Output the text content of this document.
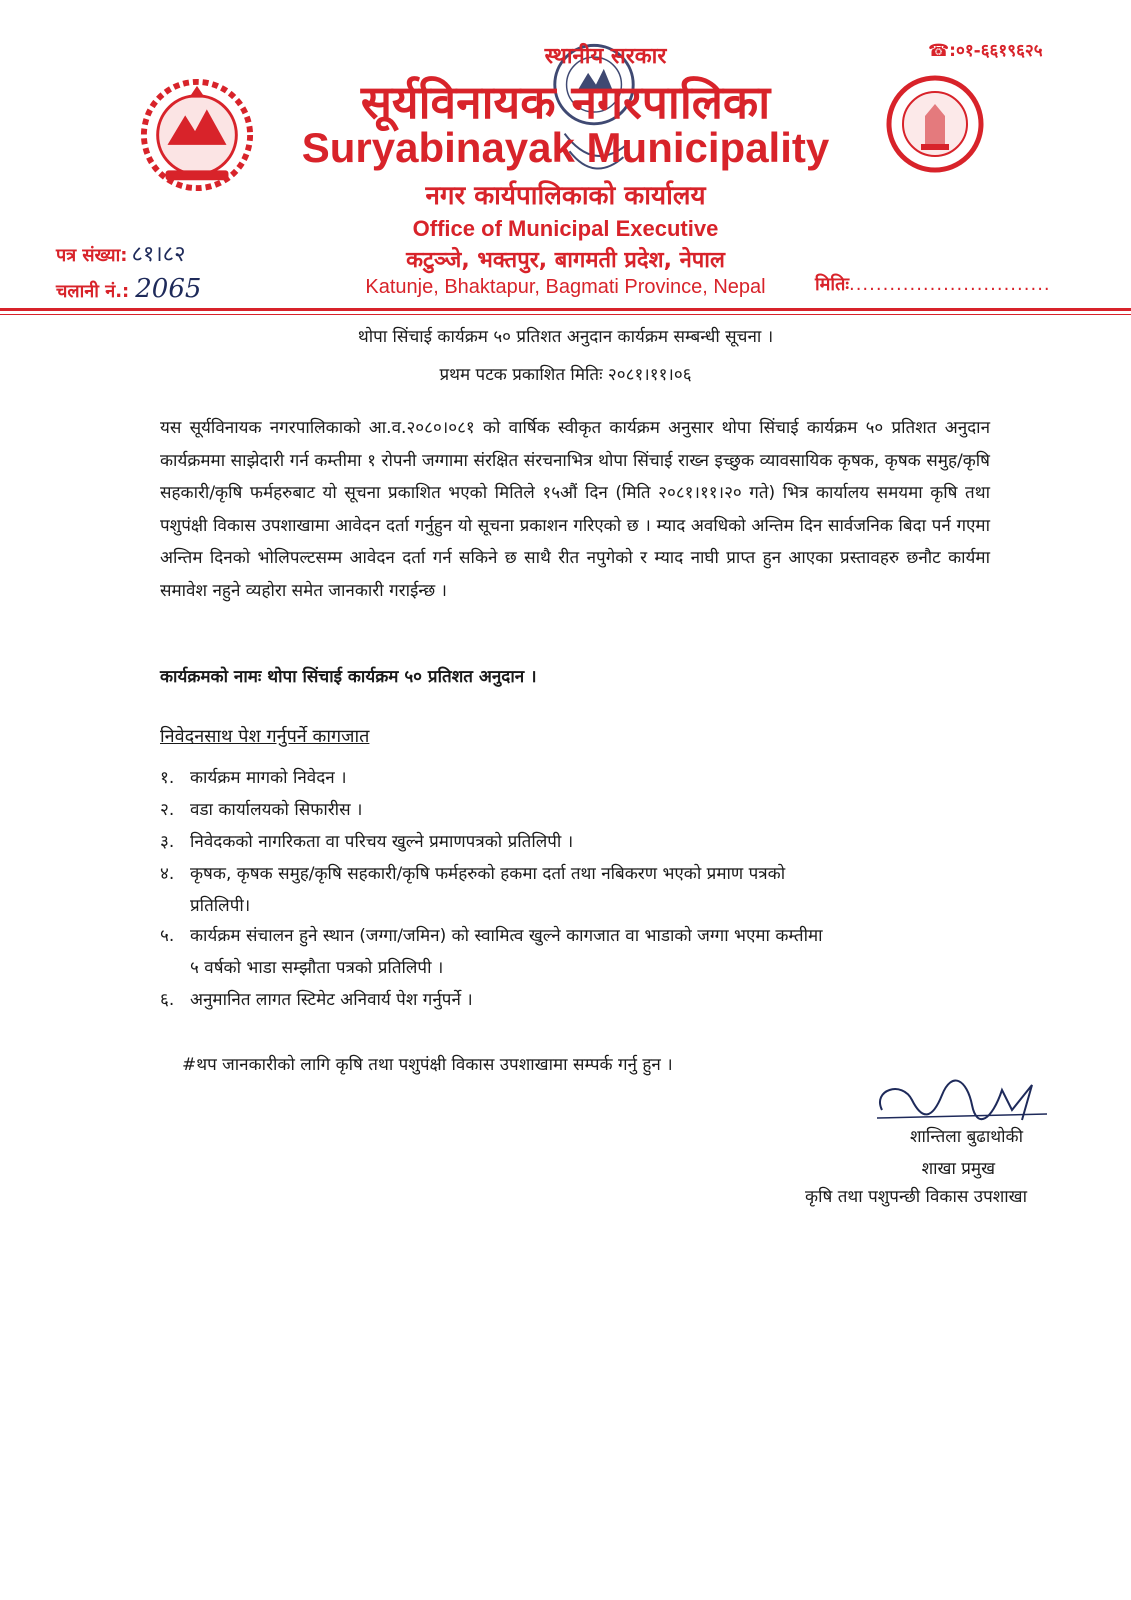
स्थानीय सरकार
सूर्यविनायक नगरपालिका
Suryabinayak Municipality
नगर कार्यपालिकाको कार्यालय
Office of Municipal Executive
कटुञ्जे, भक्तपुर, बागमती प्रदेश, नेपाल
Katunje, Bhaktapur, Bagmati Province, Nepal
☎:०१-६६१९६२५
पत्र संख्या: ८१।८२
चलानी नं.: 2065	मितिः..............................
थोपा सिंचाई कार्यक्रम ५० प्रतिशत अनुदान कार्यक्रम सम्बन्धी सूचना ।
प्रथम पटक प्रकाशित मितिः २०८१।११।०६
यस सूर्यविनायक नगरपालिकाको आ.व.२०८०।०८१ को वार्षिक स्वीकृत कार्यक्रम अनुसार थोपा सिंचाई कार्यक्रम ५० प्रतिशत अनुदान कार्यक्रममा साझेदारी गर्न कम्तीमा १ रोपनी जग्गामा संरक्षित संरचनाभित्र थोपा सिंचाई राख्न इच्छुक व्यावसायिक कृषक, कृषक समुह/कृषि सहकारी/कृषि फर्महरुबाट यो सूचना प्रकाशित भएको मितिले १५औं दिन (मिति २०८१।११।२० गते) भित्र कार्यालय समयमा कृषि तथा पशुपंक्षी विकास उपशाखामा आवेदन दर्ता गर्नुहुन यो सूचना प्रकाशन गरिएको छ । म्याद अवधिको अन्तिम दिन सार्वजनिक बिदा पर्न गएमा अन्तिम दिनको भोलिपल्टसम्म आवेदन दर्ता गर्न सकिने छ साथै रीत नपुगेको र म्याद नाघी प्राप्त हुन आएका प्रस्तावहरु छनौट कार्यमा समावेश नहुने व्यहोरा समेत जानकारी गराईन्छ ।
कार्यक्रमको नामः थोपा सिंचाई कार्यक्रम ५० प्रतिशत अनुदान ।
निवेदनसाथ पेश गर्नुपर्ने कागजात
१. कार्यक्रम मागको निवेदन ।
२. वडा कार्यालयको सिफारीस ।
३. निवेदकको नागरिकता वा परिचय खुल्ने प्रमाणपत्रको प्रतिलिपी ।
४. कृषक, कृषक समुह/कृषि सहकारी/कृषि फर्महरुको हकमा दर्ता तथा नबिकरण भएको प्रमाण पत्रको
प्रतिलिपी।
५. कार्यक्रम संचालन हुने स्थान (जग्गा/जमिन) को स्वामित्व खुल्ने कागजात वा भाडाको जग्गा भएमा कम्तीमा
५ वर्षको भाडा सम्झौता पत्रको प्रतिलिपी ।
६. अनुमानित लागत स्टिमेट अनिवार्य पेश गर्नुपर्ने ।
#थप जानकारीको लागि कृषि तथा पशुपंक्षी विकास उपशाखामा सम्पर्क गर्नु हुन ।
शान्तिला बुढाथोकी
शाखा प्रमुख
कृषि तथा पशुपन्छी विकास उपशाखा
